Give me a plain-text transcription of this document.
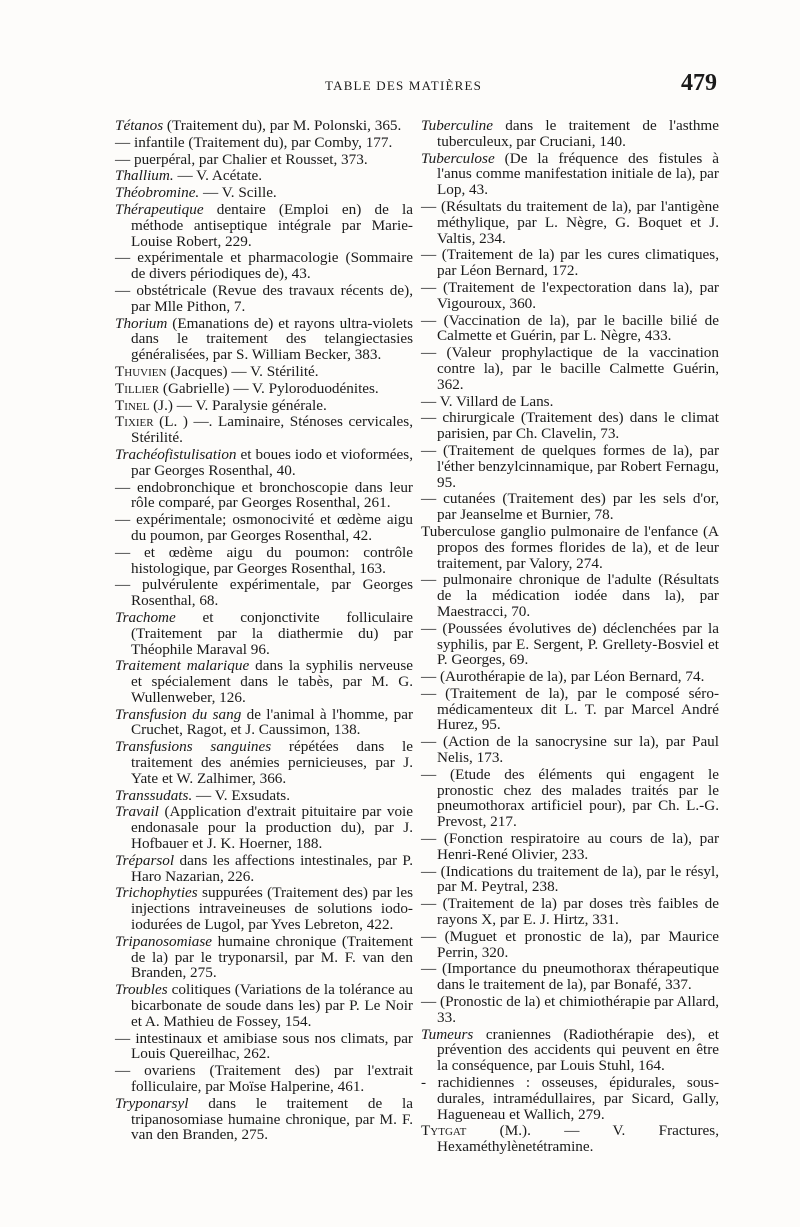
TABLE DES MATIÈRES	479
Tétanos (Traitement du), par M. Polonski, 365.
— infantile (Traitement du), par Comby, 177.
— puerpéral, par Chalier et Rousset, 373.
Thallium. — V. Acétate.
Théobromine. — V. Scille.
Thérapeutique dentaire (Emploi en) de la méthode antiseptique intégrale par Marie-Louise Robert, 229.
— expérimentale et pharmacologie (Sommaire de divers périodiques de), 43.
— obstétricale (Revue des travaux récents de), par Mlle Pithon, 7.
Thorium (Emanations de) et rayons ultra-violets dans le traitement des telangiectasies généralisées, par S. William Becker, 383.
Thuvien (Jacques) — V. Stérilité.
Tillier (Gabrielle) — V. Pyloroduodénites.
Tinel (J.) — V. Paralysie générale.
Tixier (L. ) —. Laminaire, Sténoses cervicales, Stérilité.
Trachéofistulisation et boues iodo et vioformées, par Georges Rosenthal, 40.
— endobronchique et bronchoscopie dans leur rôle comparé, par Georges Rosenthal, 261.
— expérimentale; osmonocivité et œdème aigu du poumon, par Georges Rosenthal, 42.
— et œdème aigu du poumon: contrôle histologique, par Georges Rosenthal, 163.
— pulvérulente expérimentale, par Georges Rosenthal, 68.
Trachome et conjonctivite folliculaire (Traitement par la diathermie du) par Théophile Maraval 96.
Traitement malarique dans la syphilis nerveuse et spécialement dans le tabès, par M. G. Wullenweber, 126.
Transfusion du sang de l'animal à l'homme, par Cruchet, Ragot, et J. Caussimon, 138.
Transfusions sanguines répétées dans le traitement des anémies pernicieuses, par J. Yate et W. Zalhimer, 366.
Transsudats. — V. Exsudats.
Travail (Application d'extrait pituitaire par voie endonasale pour la production du), par J. Hofbauer et J. K. Hoerner, 188.
Tréparsol dans les affections intestinales, par P. Haro Nazarian, 226.
Trichophyties suppurées (Traitement des) par les injections intraveineuses de solutions iodo-iodurées de Lugol, par Yves Lebreton, 422.
Tripanosomiase humaine chronique (Traitement de la) par le tryponarsil, par M. F. van den Branden, 275.
Troubles colitiques (Variations de la tolérance au bicarbonate de soude dans les) par P. Le Noir et A. Mathieu de Fossey, 154.
— intestinaux et amibiase sous nos climats, par Louis Quereilhac, 262.
— ovariens (Traitement des) par l'extrait folliculaire, par Moïse Halperine, 461.
Tryponarsyl dans le traitement de la tripanosomiase humaine chronique, par M. F. van den Branden, 275.
Tuberculine dans le traitement de l'asthme tuberculeux, par Cruciani, 140.
Tuberculose (De la fréquence des fistules à l'anus comme manifestation initiale de la), par Lop, 43.
— (Résultats du traitement de la), par l'antigène méthylique, par L. Nègre, G. Boquet et J. Valtis, 234.
— (Traitement de la) par les cures climatiques, par Léon Bernard, 172.
— (Traitement de l'expectoration dans la), par Vigouroux, 360.
— (Vaccination de la), par le bacille bilié de Calmette et Guérin, par L. Nègre, 433.
— (Valeur prophylactique de la vaccination contre la), par le bacille Calmette Guérin, 362.
— V. Villard de Lans.
— chirurgicale (Traitement des) dans le climat parisien, par Ch. Clavelin, 73.
— (Traitement de quelques formes de la), par l'éther benzylcinnamique, par Robert Fernagu, 95.
— cutanées (Traitement des) par les sels d'or, par Jeanselme et Burnier, 78.
Tuberculose ganglio pulmonaire de l'enfance (A propos des formes florides de la), et de leur traitement, par Valory, 274.
— pulmonaire chronique de l'adulte (Résultats de la médication iodée dans la), par Maestracci, 70.
— (Poussées évolutives de) déclenchées par la syphilis, par E. Sergent, P. Grellety-Bosviel et P. Georges, 69.
— (Aurothérapie de la), par Léon Bernard, 74.
— (Traitement de la), par le composé séro-médicamenteux dit L. T. par Marcel André Hurez, 95.
— (Action de la sanocrysine sur la), par Paul Nelis, 173.
— (Etude des éléments qui engagent le pronostic chez des malades traités par le pneumothorax artificiel pour), par Ch. L.-G. Prevost, 217.
— (Fonction respiratoire au cours de la), par Henri-René Olivier, 233.
— (Indications du traitement de la), par le résyl, par M. Peytral, 238.
— (Traitement de la) par doses très faibles de rayons X, par E. J. Hirtz, 331.
— (Muguet et pronostic de la), par Maurice Perrin, 320.
— (Importance du pneumothorax thérapeutique dans le traitement de la), par Bonafé, 337.
— (Pronostic de la) et chimiothérapie par Allard, 33.
Tumeurs craniennes (Radiothérapie des), et prévention des accidents qui peuvent en être la conséquence, par Louis Stuhl, 164.
- rachidiennes : osseuses, épidurales, sous-durales, intramédullaires, par Sicard, Gally, Hagueneau et Wallich, 279.
Tytgat (M.). — V. Fractures, Hexaméthylènetétramine.
